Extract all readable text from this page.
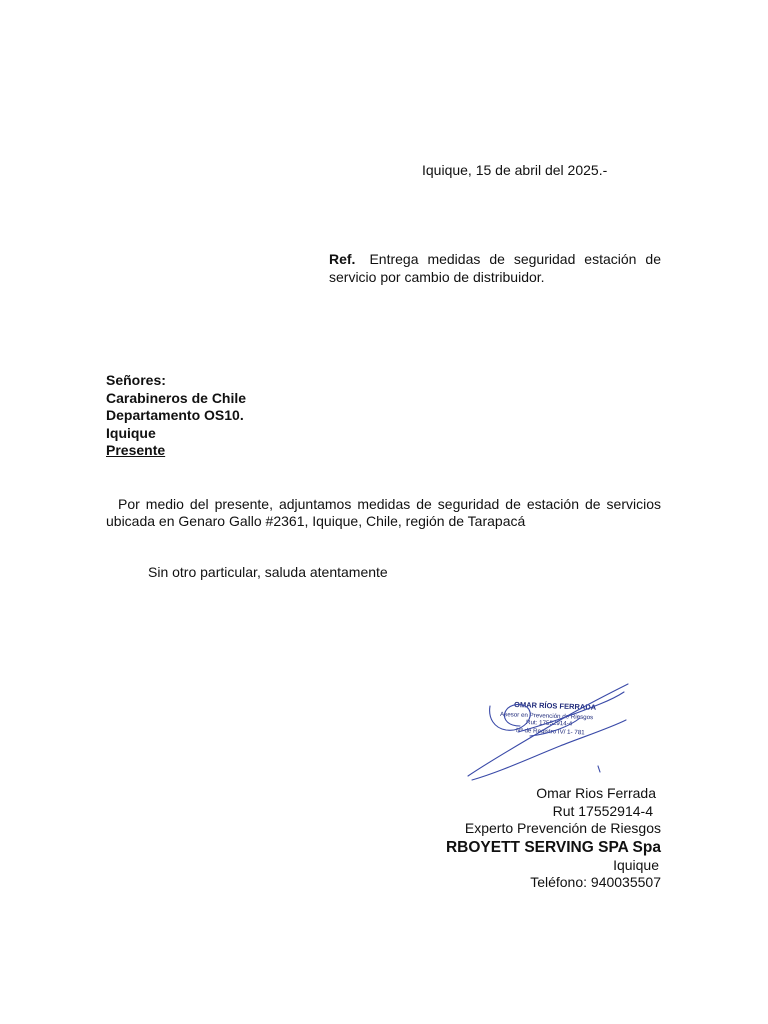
Iquique, 15 de abril del 2025.-
Ref. Entrega medidas de seguridad estación de servicio por cambio de distribuidor.
Señores:
Carabineros de Chile
Departamento OS10.
Iquique
Presente
Por medio del presente, adjuntamos medidas de seguridad de estación de servicios ubicada en Genaro Gallo #2361, Iquique, Chile, región de Tarapacá
Sin otro particular, saluda atentamente
OMAR RÍOS FERRADA
Asesor en Prevención de Riesgos
Rut: 17552914-4
Nº de Registro IV/ 1- 781
Omar Rios Ferrada
Rut 17552914-4
Experto Prevención de Riesgos
RBOYETT SERVING SPA Spa
Iquique
Teléfono: 940035507
